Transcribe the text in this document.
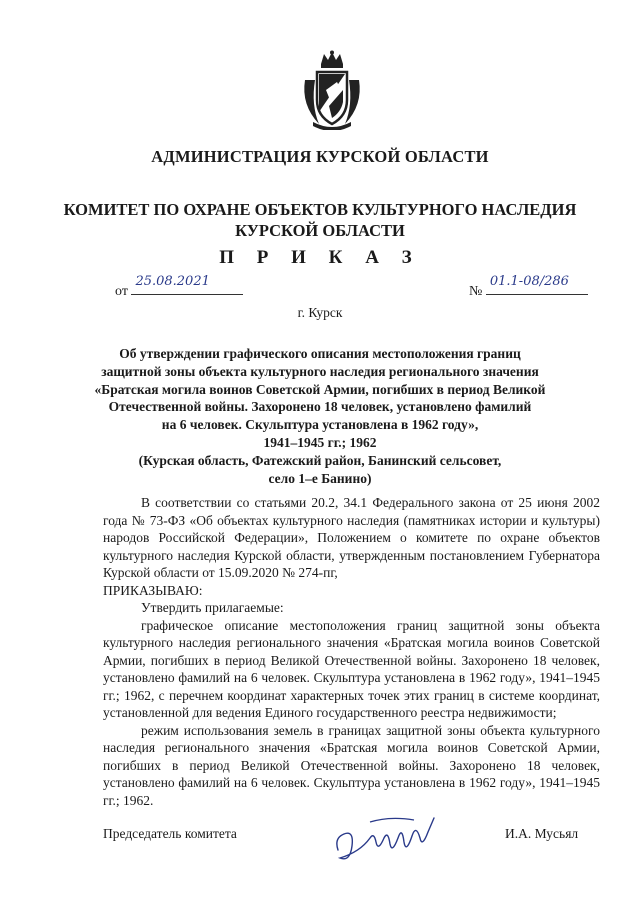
АДМИНИСТРАЦИЯ КУРСКОЙ ОБЛАСТИ
КОМИТЕТ ПО ОХРАНЕ ОБЪЕКТОВ КУЛЬТУРНОГО НАСЛЕДИЯ
КУРСКОЙ ОБЛАСТИ
П Р И К А З
от
25.08.2021
№
01.1-08/286
г. Курск
Об утверждении графического описания местоположения границ
защитной зоны объекта культурного наследия регионального значения
«Братская могила воинов Советской Армии, погибших в период Великой
Отечественной войны. Захоронено 18 человек, установлено фамилий
на 6 человек. Скульптура установлена в 1962 году»,
1941–1945 гг.; 1962
(Курская область, Фатежский район, Банинский сельсовет,
село 1–е Банино)

В соответствии со статьями 20.2, 34.1 Федерального закона от 25 июня 2002 года № 73-ФЗ «Об объектах культурного наследия (памятниках истории и культуры) народов Российской Федерации», Положением о комитете по охране объектов культурного наследия Курской области, утвержденным постановлением Губернатора Курской области от 15.09.2020 № 274-пг,

ПРИКАЗЫВАЮ:

Утвердить прилагаемые:

графическое описание местоположения границ защитной зоны объекта культурного наследия регионального значения «Братская могила воинов Советской Армии, погибших в период Великой Отечественной войны. Захоронено 18 человек, установлено фамилий на 6 человек. Скульптура установлена в 1962 году», 1941–1945 гг.; 1962, с перечнем координат характерных точек этих границ в системе координат, установленной для ведения Единого государственного реестра недвижимости;

режим использования земель в границах защитной зоны объекта культурного наследия регионального значения «Братская могила воинов Советской Армии, погибших в период Великой Отечественной войны. Захоронено 18 человек, установлено фамилий на 6 человек. Скульптура установлена в 1962 году», 1941–1945 гг.; 1962.

Председатель комитета	И.А. Мусьял
